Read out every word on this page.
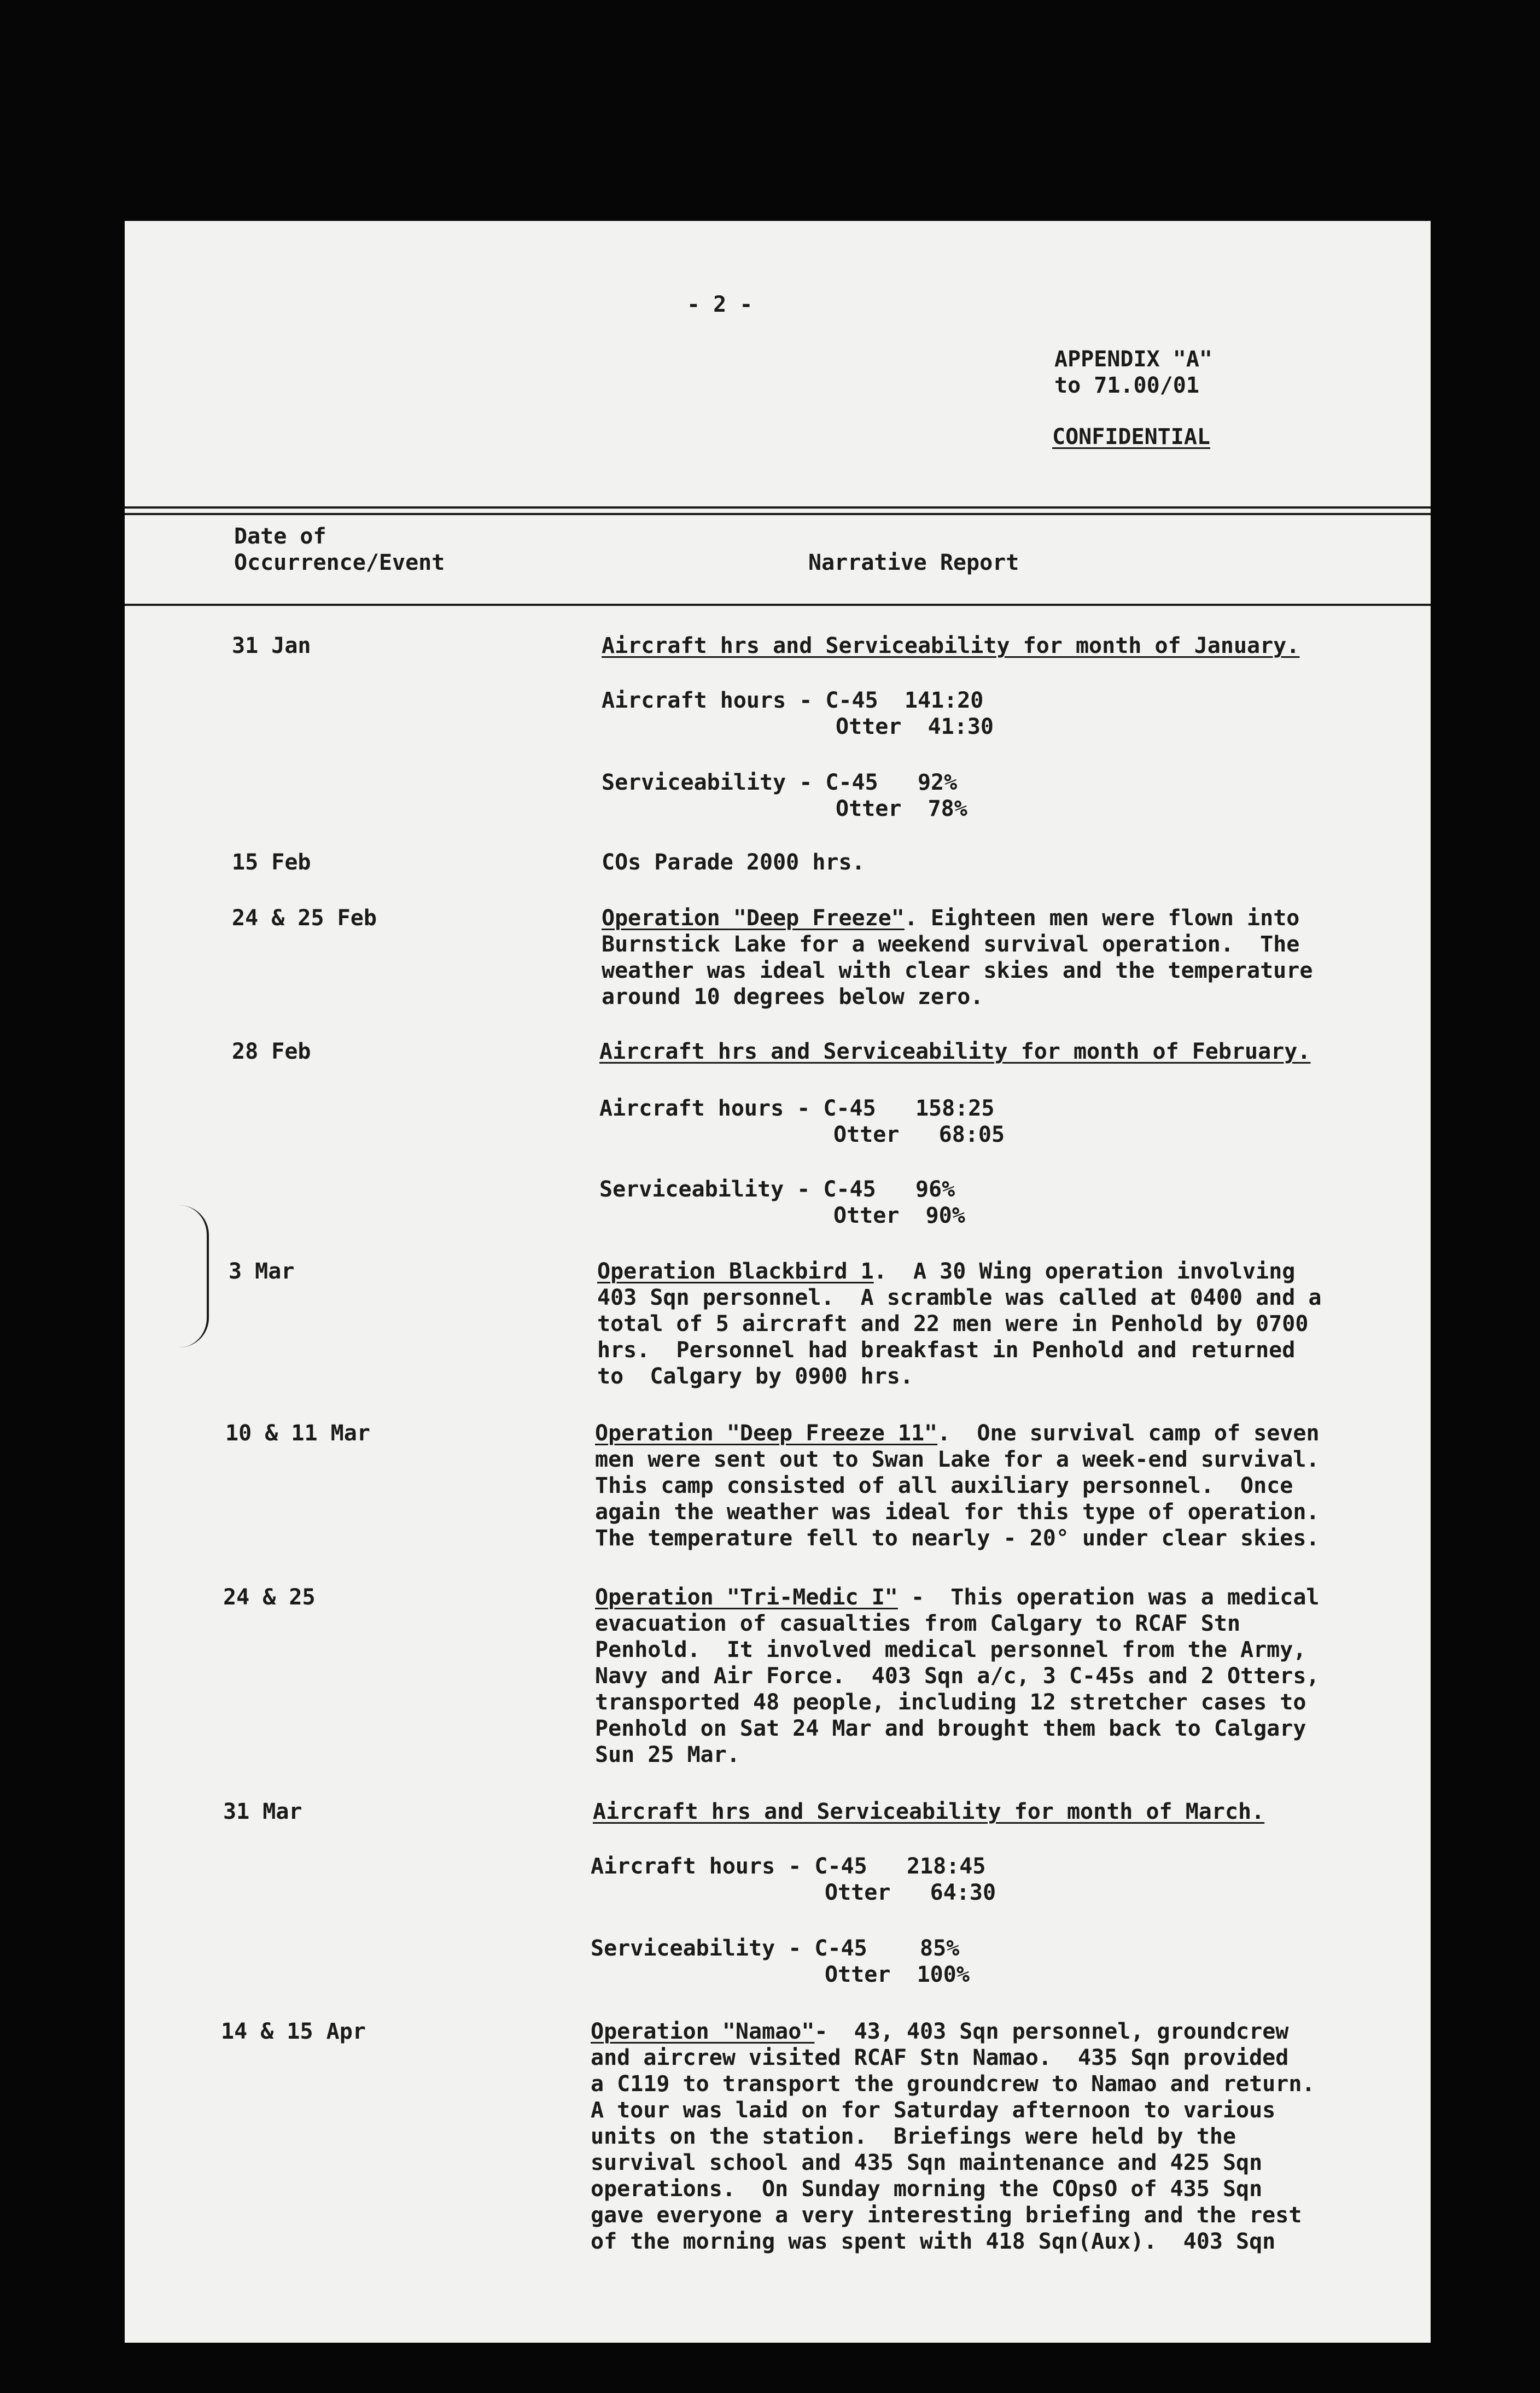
- 2 -
APPENDIX "A"
to 71.00/01
CONFIDENTIAL
Date of
Occurrence/Event	Narrative Report
31 Jan	Aircraft hrs and Serviceability for month of January.
Aircraft hours - C-45  141:20
Otter  41:30
Serviceability - C-45   92%
Otter  78%
15 Feb	COs Parade 2000 hrs.
24 & 25 Feb	Operation "Deep Freeze". Eighteen men were flown into
Burnstick Lake for a weekend survival operation.  The
weather was ideal with clear skies and the temperature
around 10 degrees below zero.
28 Feb	Aircraft hrs and Serviceability for month of February.
Aircraft hours - C-45   158:25
Otter   68:05
Serviceability - C-45   96%
Otter  90%
3 Mar	Operation Blackbird 1.  A 30 Wing operation involving
403 Sqn personnel.  A scramble was called at 0400 and a
total of 5 aircraft and 22 men were in Penhold by 0700
hrs.  Personnel had breakfast in Penhold and returned
to  Calgary by 0900 hrs.
10 & 11 Mar	Operation "Deep Freeze 11".  One survival camp of seven
men were sent out to Swan Lake for a week-end survival.
This camp consisted of all auxiliary personnel.  Once
again the weather was ideal for this type of operation.
The temperature fell to nearly - 20° under clear skies.
24 & 25	Operation "Tri-Medic I" -  This operation was a medical
evacuation of casualties from Calgary to RCAF Stn
Penhold.  It involved medical personnel from the Army,
Navy and Air Force.  403 Sqn a/c, 3 C-45s and 2 Otters,
transported 48 people, including 12 stretcher cases to
Penhold on Sat 24 Mar and brought them back to Calgary
Sun 25 Mar.
31 Mar	Aircraft hrs and Serviceability for month of March.
Aircraft hours - C-45   218:45
Otter   64:30
Serviceability - C-45    85%
Otter  100%
14 & 15 Apr	Operation "Namao"-  43, 403 Sqn personnel, groundcrew
and aircrew visited RCAF Stn Namao.  435 Sqn provided
a C119 to transport the groundcrew to Namao and return.
A tour was laid on for Saturday afternoon to various
units on the station.  Briefings were held by the
survival school and 435 Sqn maintenance and 425 Sqn
operations.  On Sunday morning the COpsO of 435 Sqn
gave everyone a very interesting briefing and the rest
of the morning was spent with 418 Sqn(Aux).  403 Sqn
